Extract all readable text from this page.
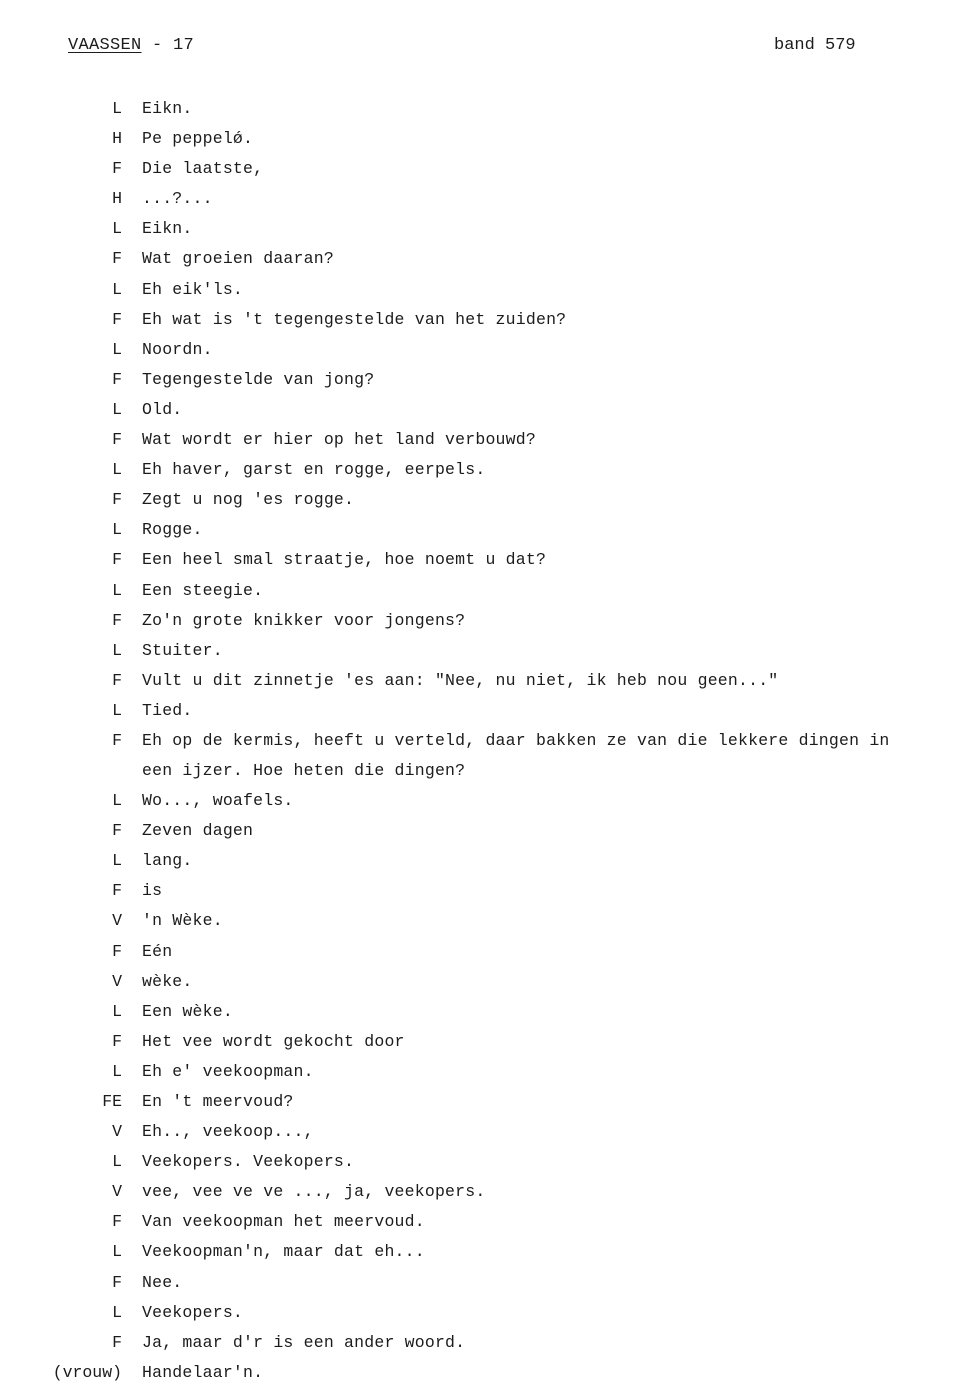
VAASSEN - 17	band 579
L Eikn.
H Pe peppelǿ.
F Die laatste,
H ...?...
L Eikn.
F Wat groeien daaran?
L Eh eik'ls.
F Eh wat is 't tegengestelde van het zuiden?
L Noordn.
F Tegengestelde van jong?
L Old.
F Wat wordt er hier op het land verbouwd?
L Eh haver, garst en rogge, eerpels.
F Zegt u nog 'es rogge.
L Rogge.
F Een heel smal straatje, hoe noemt u dat?
L Een steegie.
F Zo'n grote knikker voor jongens?
L Stuiter.
F Vult u dit zinnetje 'es aan: "Nee, nu niet, ik heb nou geen..."
L Tied.
F Eh op de kermis, heeft u verteld, daar bakken ze van die lekkere dingen in
een ijzer. Hoe heten die dingen?
L Wo..., woafels.
F Zeven dagen
L lang.
F is
V 'n Wèke.
F Eén
V wèke.
L Een wèke.
F Het vee wordt gekocht door
L Eh e' veekoopman.
FE En 't meervoud?
V Eh.., veekoop...,
L Veekopers. Veekopers.
V vee, vee ve ve ..., ja, veekopers.
F Van veekoopman het meervoud.
L Veekoopman'n, maar dat eh...
F Nee.
L Veekopers.
F Ja, maar d'r is een ander woord.
(vrouw) Handelaar'n.
